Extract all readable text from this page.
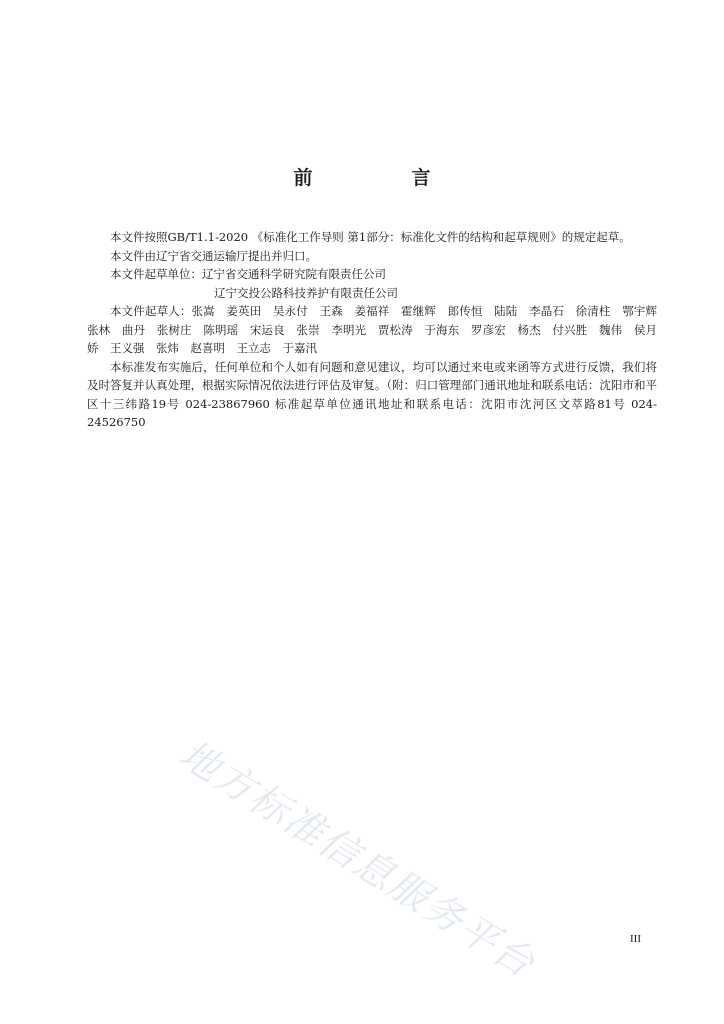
前　言

本文件按照GB/T1.1-2020 《标准化工作导则 第1部分：标准化文件的结构和起草规则》的规定起草。

本文件由辽宁省交通运输厅提出并归口。

本文件起草单位：辽宁省交通科学研究院有限责任公司

辽宁交投公路科技养护有限责任公司

本文件起草人：张嵩　姜英田　吴永付　王森　姜福祥　霍继辉　郎传恒　陆陆　李晶石　徐清柱　鄂宇辉　张林　曲丹　张树庄　陈明瑶　宋运良　张崇　李明光　贾松涛　于海东　罗彦宏　杨杰　付兴胜　魏伟　侯月娇　王义强　张炜　赵喜明　王立志　于嘉汛

本标准发布实施后，任何单位和个人如有问题和意见建议，均可以通过来电或来函等方式进行反馈，我们将及时答复并认真处理，根据实际情况依法进行评估及审复。（附：归口管理部门通讯地址和联系电话：沈阳市和平区十三纬路19号 024-23867960 标准起草单位通讯地址和联系电话：沈阳市沈河区文萃路81号 024-24526750

地方标准信息服务平台	III
